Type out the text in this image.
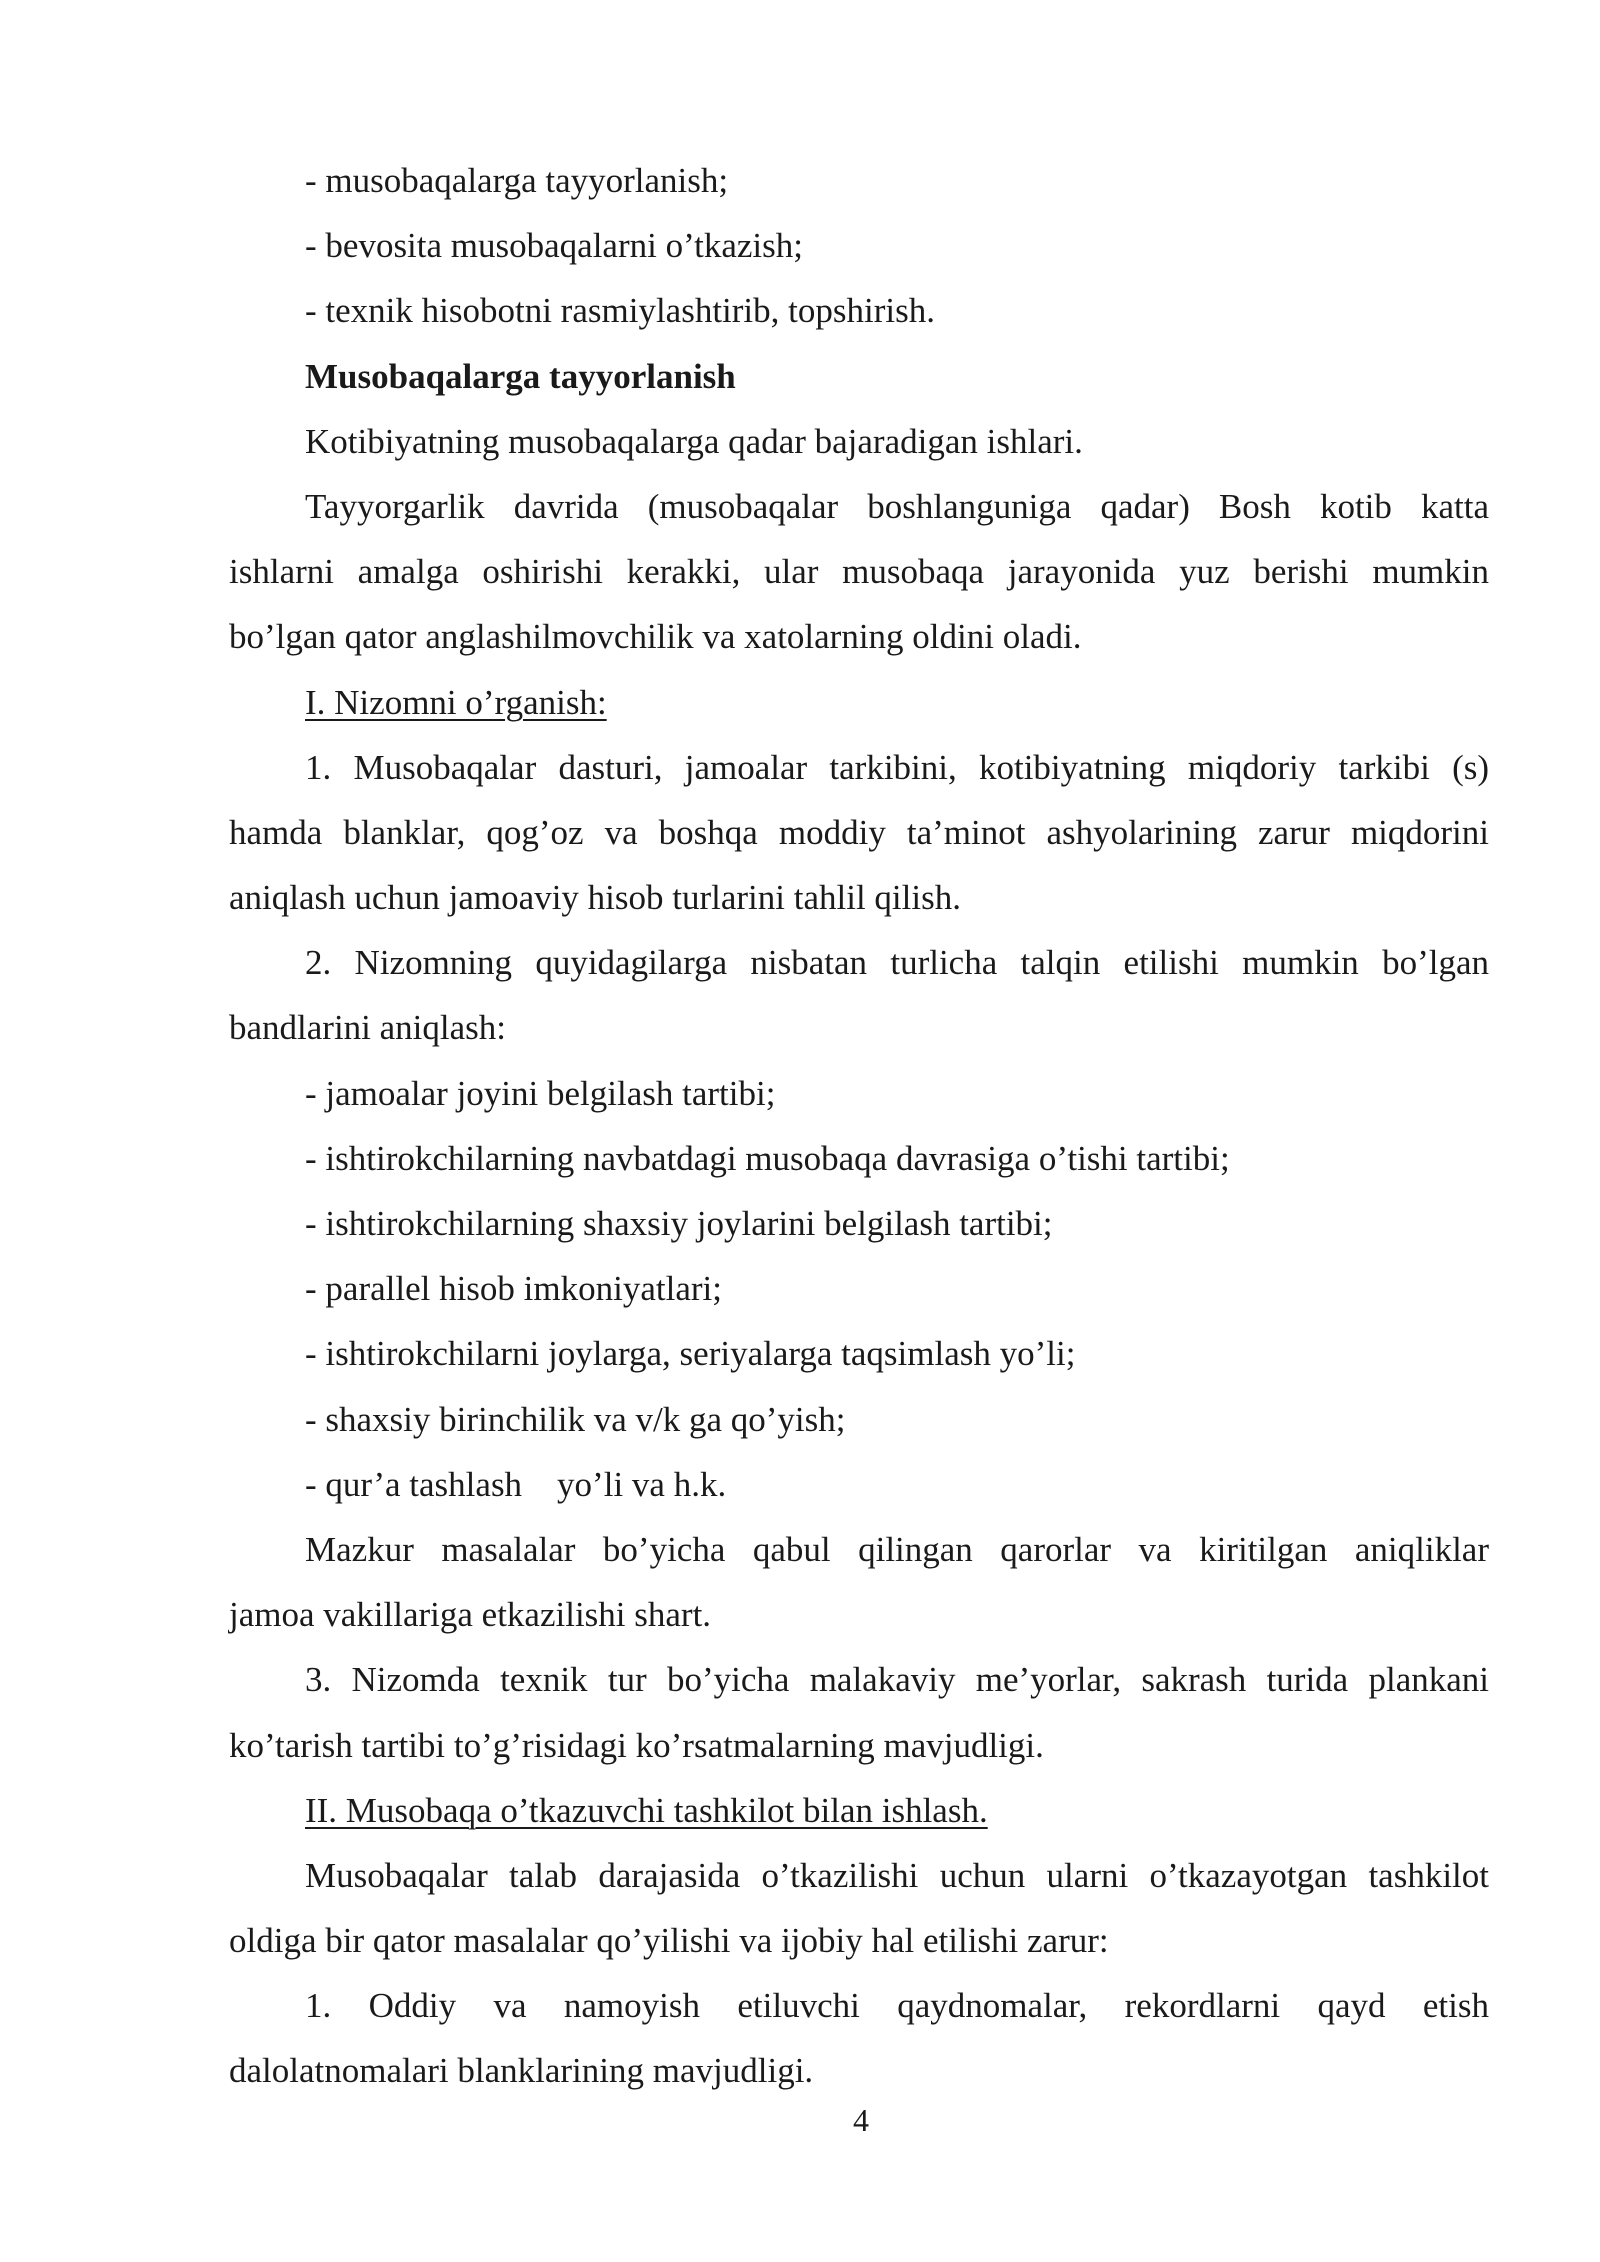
- musobaqalarga tayyorlanish;

- bevosita musobaqalarni o’tkazish;

- texnik hisobotni rasmiylashtirib, topshirish.

Musobaqalarga tayyorlanish

Kotibiyatning musobaqalarga qadar bajaradigan ishlari.

Tayyorgarlik davrida (musobaqalar boshlanguniga qadar) Bosh kotib katta

ishlarni amalga oshirishi kerakki, ular musobaqa jarayonida yuz berishi mumkin

bo’lgan qator anglashilmovchilik va xatolarning oldini oladi.

I. Nizomni o’rganish:

1. Musobaqalar dasturi, jamoalar tarkibini, kotibiyatning miqdoriy tarkibi (s)

hamda blanklar, qog’oz va boshqa moddiy ta’minot ashyolarining zarur miqdorini

aniqlash uchun jamoaviy hisob turlarini tahlil qilish.

2. Nizomning quyidagilarga nisbatan turlicha talqin etilishi mumkin bo’lgan

bandlarini aniqlash:

- jamoalar joyini belgilash tartibi;

- ishtirokchilarning navbatdagi musobaqa davrasiga o’tishi tartibi;

- ishtirokchilarning shaxsiy joylarini belgilash tartibi;

- parallel hisob imkoniyatlari;

- ishtirokchilarni joylarga, seriyalarga taqsimlash yo’li;

- shaxsiy birinchilik va v/k ga qo’yish;

- qur’a tashlash    yo’li va h.k.

Mazkur masalalar bo’yicha qabul qilingan qarorlar va kiritilgan aniqliklar

jamoa vakillariga etkazilishi shart.

3. Nizomda texnik tur bo’yicha malakaviy me’yorlar, sakrash turida plankani

ko’tarish tartibi to’g’risidagi ko’rsatmalarning mavjudligi.

II. Musobaqa o’tkazuvchi tashkilot bilan ishlash.

Musobaqalar talab darajasida o’tkazilishi uchun ularni o’tkazayotgan tashkilot

oldiga bir qator masalalar qo’yilishi va ijobiy hal etilishi zarur:

1. Oddiy va namoyish etiluvchi qaydnomalar, rekordlarni qayd etish

dalolatnomalari blanklarining mavjudligi.

4
